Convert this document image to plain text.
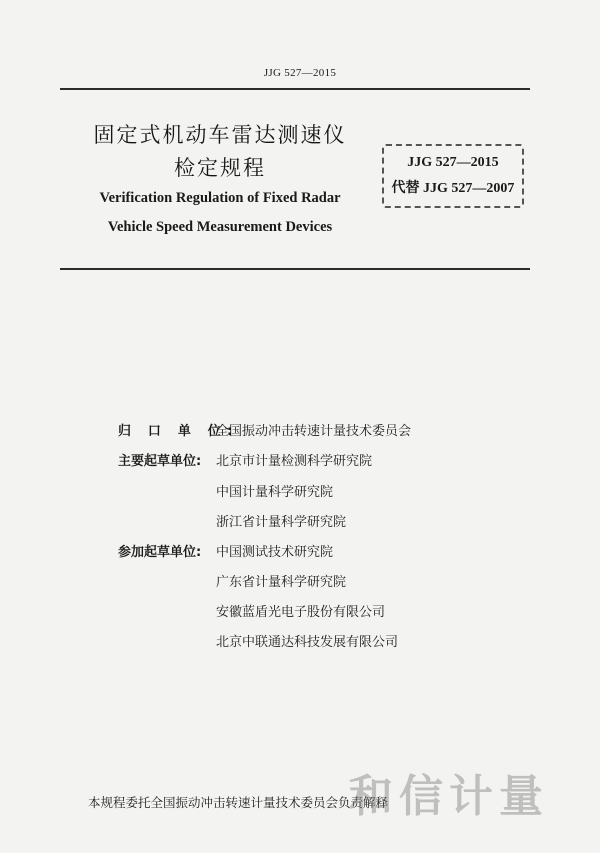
JJG 527—2015
固定式机动车雷达测速仪
检定规程
Verification Regulation of Fixed Radar
Vehicle Speed Measurement Devices
JJG 527—2015
代替 JJG 527—2007
归 口 单 位:
全国振动冲击转速计量技术委员会
主要起草单位:	北京市计量检测科学研究院
中国计量科学研究院
浙江省计量科学研究院
参加起草单位:	中国测试技术研究院
广东省计量科学研究院
安徽蓝盾光电子股份有限公司
北京中联通达科技发展有限公司
本规程委托全国振动冲击转速计量技术委员会负责解释
和信计量
